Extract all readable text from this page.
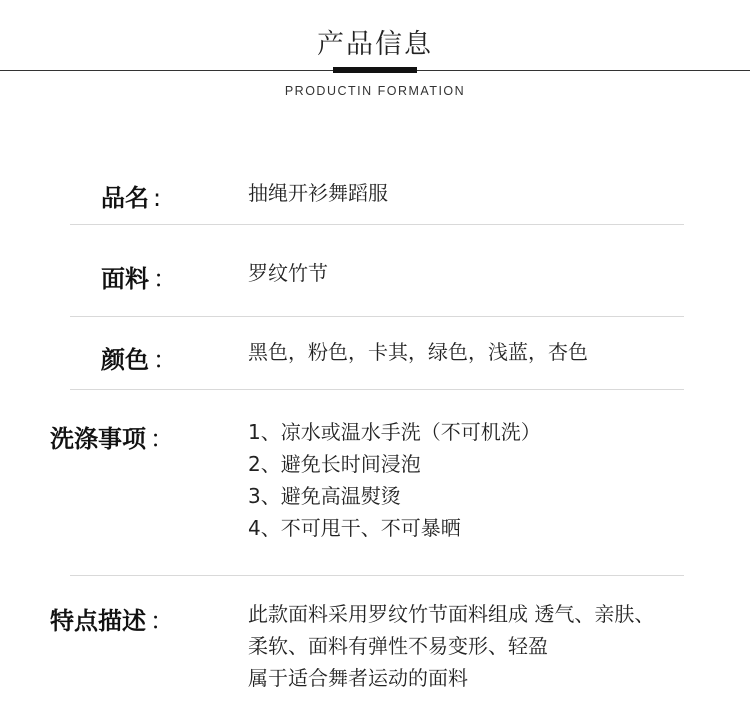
产品信息
PRODUCTIN FORMATION
品名 :	抽绳开衫舞蹈服
面料 ：	罗纹竹节
颜色 ：	黑色，粉色，卡其，绿色，浅蓝，杏色
洗涤事项 ：	1、凉水或温水手洗（不可机洗）
2、避免长时间浸泡
3、避免高温熨烫
4、不可甩干、不可暴晒
特点描述 ：	此款面料采用罗纹竹节面料组成 透气、亲肤、
柔软、面料有弹性不易变形、轻盈
属于适合舞者运动的面料
